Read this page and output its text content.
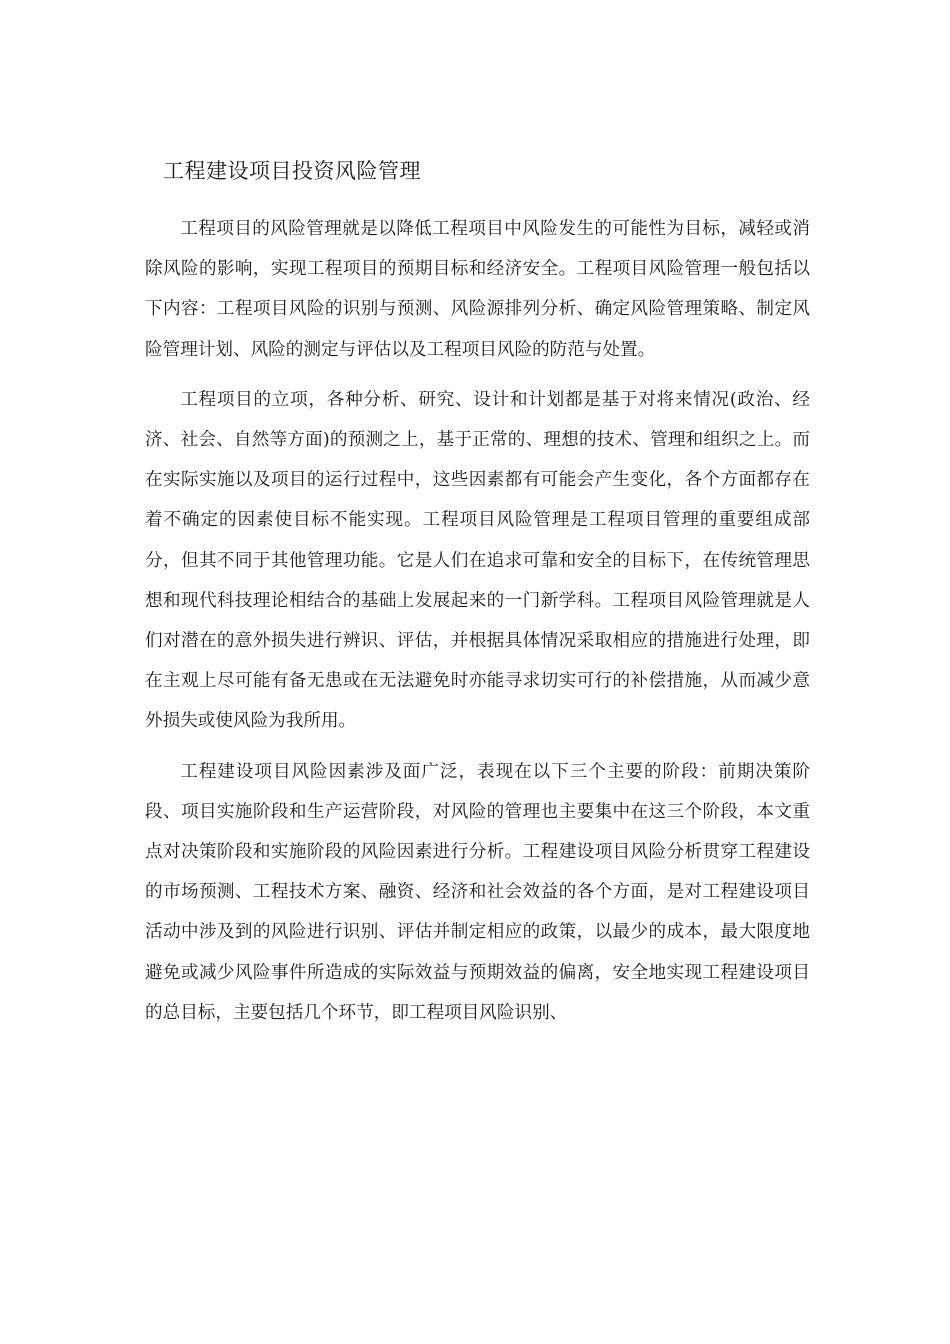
工程建设项目投资风险管理

工程项目的风险管理就是以降低工程项目中风险发生的可能性为目标，减轻或消除风险的影响，实现工程项目的预期目标和经济安全。工程项目风险管理一般包括以下内容：工程项目风险的识别与预测、风险源排列分析、确定风险管理策略、制定风险管理计划、风险的测定与评估以及工程项目风险的防范与处置。

工程项目的立项，各种分析、研究、设计和计划都是基于对将来情况(政治、经济、社会、自然等方面)的预测之上，基于正常的、理想的技术、管理和组织之上。而在实际实施以及项目的运行过程中，这些因素都有可能会产生变化，各个方面都存在着不确定的因素使目标不能实现。工程项目风险管理是工程项目管理的重要组成部分，但其不同于其他管理功能。它是人们在追求可靠和安全的目标下，在传统管理思想和现代科技理论相结合的基础上发展起来的一门新学科。工程项目风险管理就是人们对潜在的意外损失进行辨识、评估，并根据具体情况采取相应的措施进行处理，即在主观上尽可能有备无患或在无法避免时亦能寻求切实可行的补偿措施，从而减少意外损失或使风险为我所用。

工程建设项目风险因素涉及面广泛，表现在以下三个主要的阶段：前期决策阶段、项目实施阶段和生产运营阶段，对风险的管理也主要集中在这三个阶段，本文重点对决策阶段和实施阶段的风险因素进行分析。工程建设项目风险分析贯穿工程建设的市场预测、工程技术方案、融资、经济和社会效益的各个方面，是对工程建设项目活动中涉及到的风险进行识别、评估并制定相应的政策，以最少的成本，最大限度地避免或减少风险事件所造成的实际效益与预期效益的偏离，安全地实现工程建设项目的总目标，主要包括几个环节，即工程项目风险识别、
